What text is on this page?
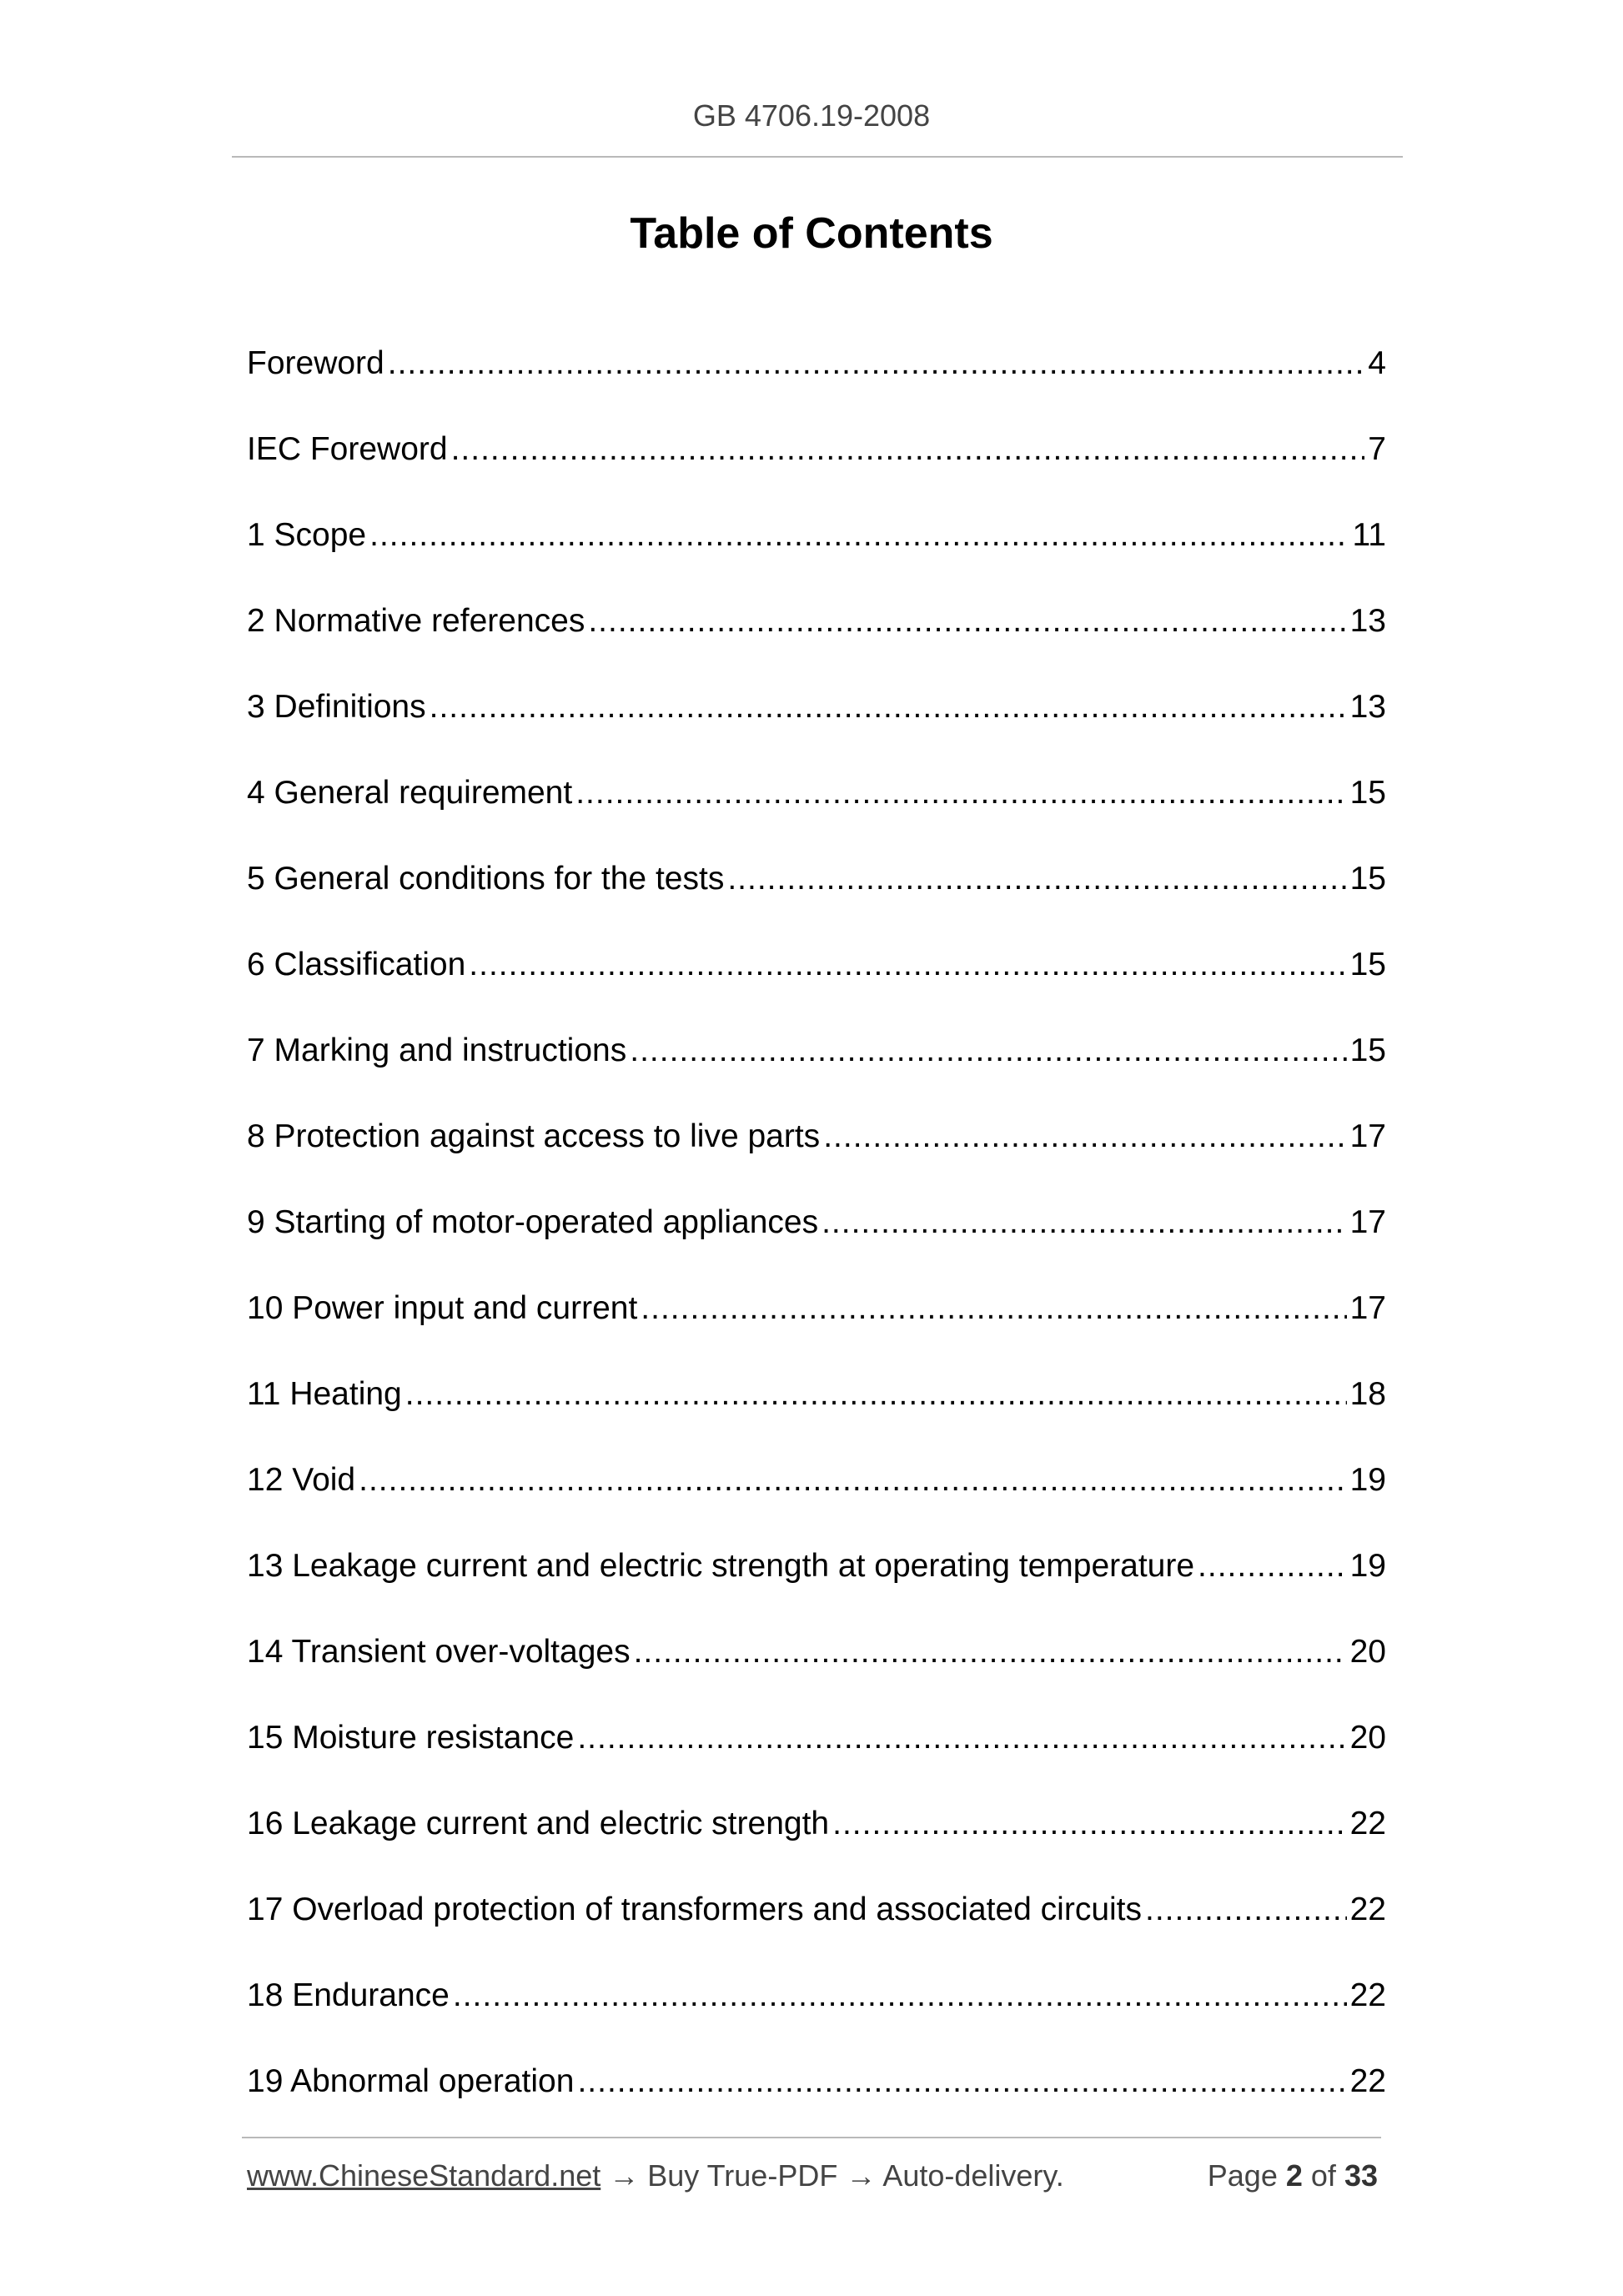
GB 4706.19-2008
Table of Contents
Foreword .....	4
IEC Foreword .....	7
1 Scope .....	11
2 Normative references .....	13
3 Definitions .....	13
4 General requirement .....	15
5 General conditions for the tests .....	15
6 Classification .....	15
7 Marking and instructions .....	15
8 Protection against access to live parts .....	17
9 Starting of motor-operated appliances .....	17
10 Power input and current .....	17
11 Heating .....	18
12 Void .....	19
13 Leakage current and electric strength at operating temperature .....	19
14 Transient over-voltages .....	20
15 Moisture resistance .....	20
16 Leakage current and electric strength .....	22
17 Overload protection of transformers and associated circuits .....	22
18 Endurance .....	22
19 Abnormal operation .....	22
www.ChineseStandard.net → Buy True-PDF → Auto-delivery.	Page 2 of 33
